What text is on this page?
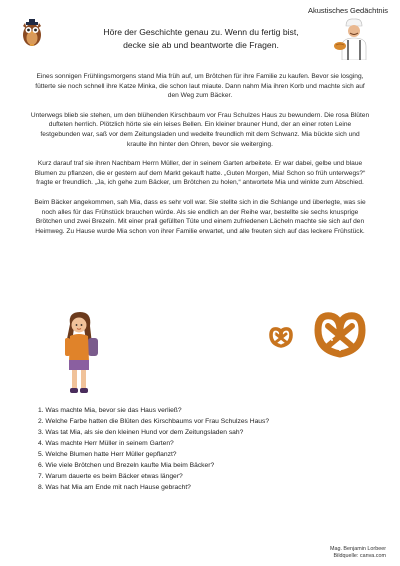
Akustisches Gedächtnis
Höre der Geschichte genau zu. Wenn du fertig bist,
decke sie ab und beantworte die Fragen.

Eines sonnigen Frühlingsmorgens stand Mia früh auf, um Brötchen für ihre Familie zu kaufen. Bevor sie losging, fütterte sie noch schnell ihre Katze Minka, die schon laut miaute. Dann nahm Mia ihren Korb und machte sich auf den Weg zum Bäcker.

Unterwegs blieb sie stehen, um den blühenden Kirschbaum vor Frau Schulzes Haus zu bewundern. Die rosa Blüten dufteten herrlich. Plötzlich hörte sie ein leises Bellen. Ein kleiner brauner Hund, der an einer roten Leine festgebunden war, saß vor dem Zeitungsladen und wedelte freundlich mit dem Schwanz. Mia bückte sich und kraulte ihn hinter den Ohren, bevor sie weiterging.

Kurz darauf traf sie ihren Nachbarn Herrn Müller, der in seinem Garten arbeitete. Er war dabei, gelbe und blaue Blumen zu pflanzen, die er gestern auf dem Markt gekauft hatte. „Guten Morgen, Mia! Schon so früh unterwegs?“ fragte er freundlich. „Ja, ich gehe zum Bäcker, um Brötchen zu holen,“ antwortete Mia und winkte zum Abschied.

Beim Bäcker angekommen, sah Mia, dass es sehr voll war. Sie stellte sich in die Schlange und überlegte, was sie noch alles für das Frühstück brauchen würde. Als sie endlich an der Reihe war, bestellte sie sechs knusprige Brötchen und zwei Brezeln. Mit einer prall gefüllten Tüte und einem zufriedenen Lächeln machte sie sich auf den Heimweg. Zu Hause wurde Mia schon von ihrer Familie erwartet, und alle freuten sich auf das leckere Frühstück.

1. Was machte Mia, bevor sie das Haus verließ?
2. Welche Farbe hatten die Blüten des Kirschbaums vor Frau Schulzes Haus?
3. Was tat Mia, als sie den kleinen Hund vor dem Zeitungsladen sah?
4. Was machte Herr Müller in seinem Garten?
5. Welche Blumen hatte Herr Müller gepflanzt?
6. Wie viele Brötchen und Brezeln kaufte Mia beim Bäcker?
7. Warum dauerte es beim Bäcker etwas länger?
8. Was hat Mia am Ende mit nach Hause gebracht?
Mag. Benjamin Lorbeer
Bildquelle: canva.com
